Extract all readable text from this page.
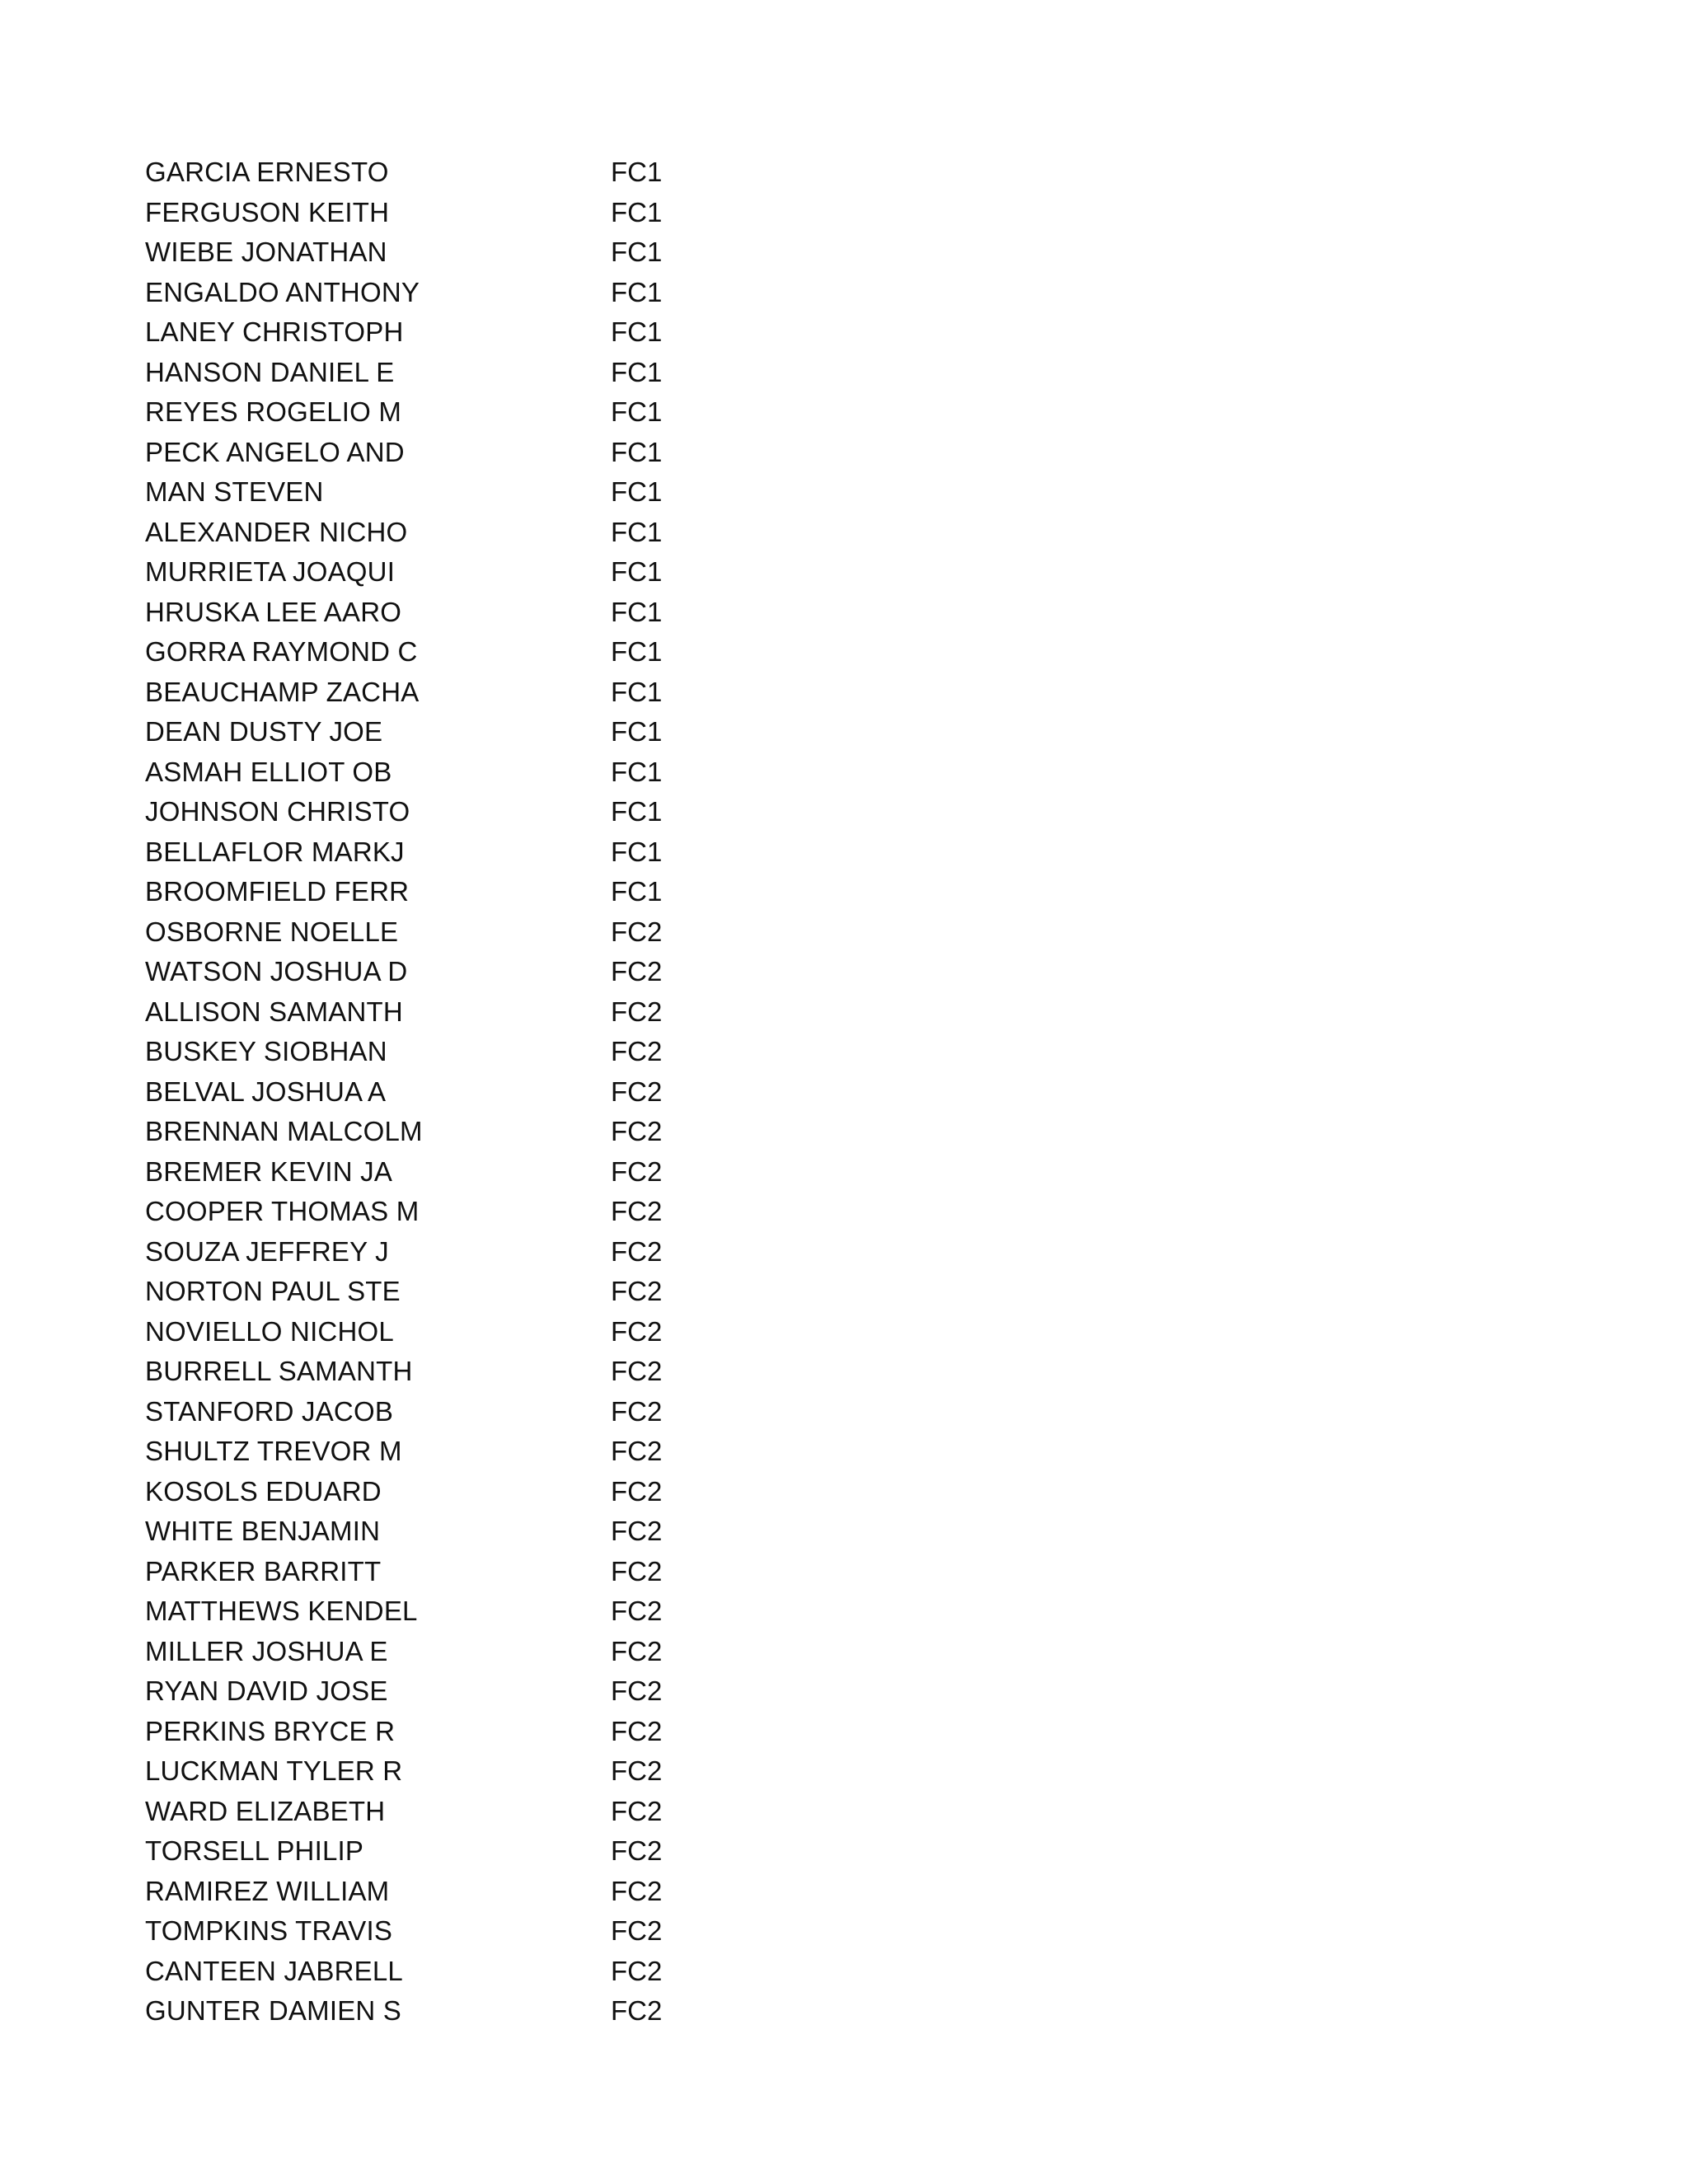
GARCIA ERNESTO	FC1
FERGUSON KEITH	FC1
WIEBE JONATHAN	FC1
ENGALDO ANTHONY	FC1
LANEY CHRISTOPH	FC1
HANSON DANIEL E	FC1
REYES ROGELIO M	FC1
PECK ANGELO AND	FC1
MAN STEVEN	FC1
ALEXANDER NICHO	FC1
MURRIETA JOAQUI	FC1
HRUSKA LEE AARO	FC1
GORRA RAYMOND C	FC1
BEAUCHAMP ZACHA	FC1
DEAN DUSTY JOE	FC1
ASMAH ELLIOT OB	FC1
JOHNSON CHRISTO	FC1
BELLAFLOR MARKJ	FC1
BROOMFIELD FERR	FC1
OSBORNE NOELLE	FC2
WATSON JOSHUA D	FC2
ALLISON SAMANTH	FC2
BUSKEY SIOBHAN	FC2
BELVAL JOSHUA A	FC2
BRENNAN MALCOLM	FC2
BREMER KEVIN JA	FC2
COOPER THOMAS M	FC2
SOUZA JEFFREY J	FC2
NORTON PAUL STE	FC2
NOVIELLO NICHOL	FC2
BURRELL SAMANTH	FC2
STANFORD JACOB	FC2
SHULTZ TREVOR M	FC2
KOSOLS EDUARD	FC2
WHITE BENJAMIN	FC2
PARKER BARRITT	FC2
MATTHEWS KENDEL	FC2
MILLER JOSHUA E	FC2
RYAN DAVID JOSE	FC2
PERKINS BRYCE R	FC2
LUCKMAN TYLER R	FC2
WARD ELIZABETH	FC2
TORSELL PHILIP	FC2
RAMIREZ WILLIAM	FC2
TOMPKINS TRAVIS	FC2
CANTEEN JABRELL	FC2
GUNTER DAMIEN S	FC2
